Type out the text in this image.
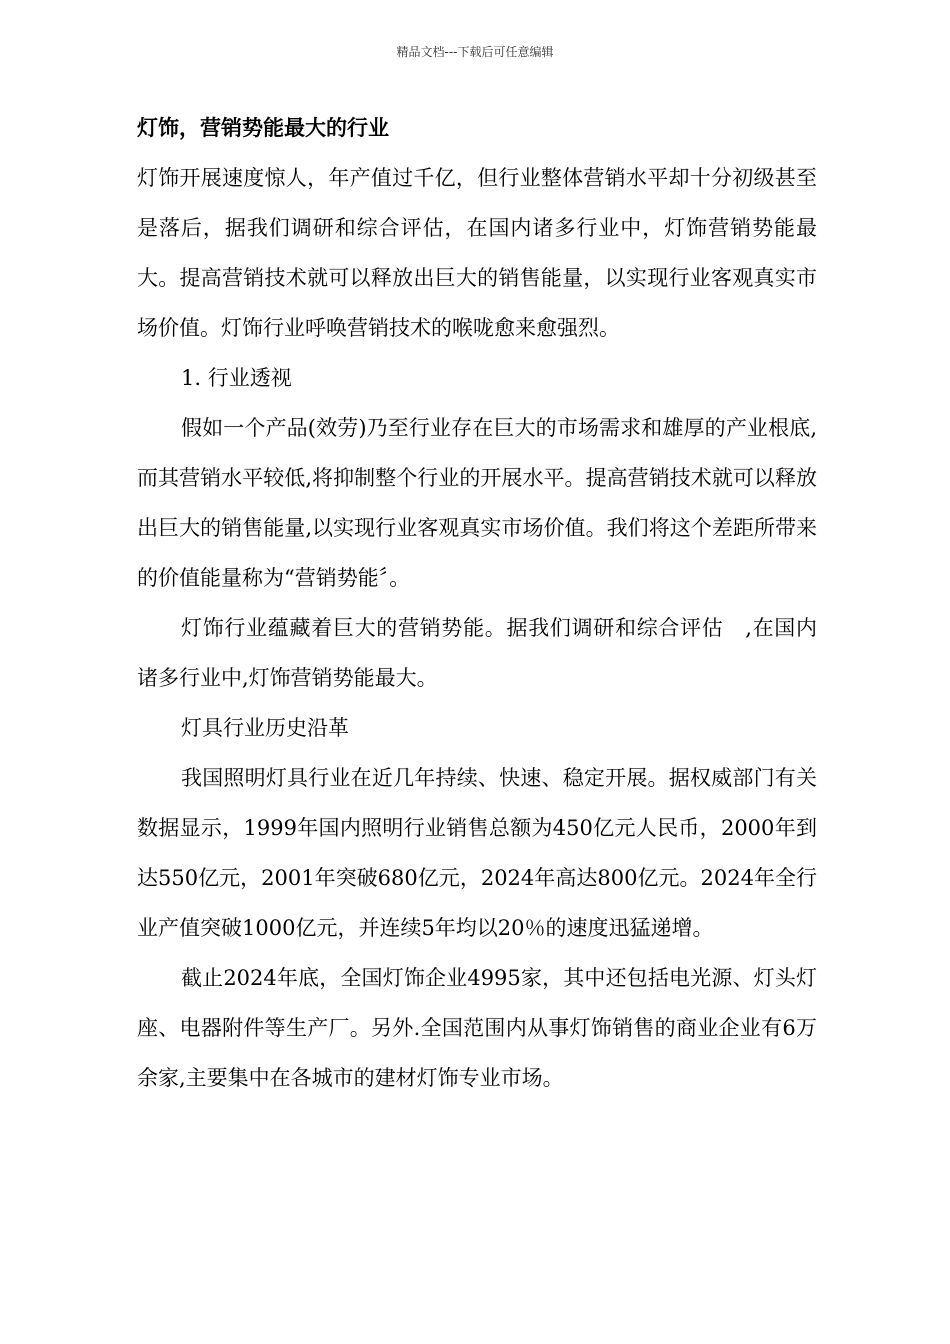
精品文档---下载后可任意编辑
灯饰，营销势能最大的行业

灯饰开展速度惊人，年产值过千亿，但行业整体营销水平却十分初级甚至是落后，据我们调研和综合评估，在国内诸多行业中，灯饰营销势能最大。提高营销技术就可以释放出巨大的销售能量，以实现行业客观真实市场价值。灯饰行业呼唤营销技术的喉咙愈来愈强烈。

1. 行业透视

假如一个产品(效劳)乃至行业存在巨大的市场需求和雄厚的产业根底,而其营销水平较低,将抑制整个行业的开展水平。提高营销技术就可以释放出巨大的销售能量,以实现行业客观真实市场价值。我们将这个差距所带来的价值能量称为“营销势能〞。

灯饰行业蕴藏着巨大的营销势能。据我们调研和综合评估　,在国内诸多行业中,灯饰营销势能最大。

灯具行业历史沿革

我国照明灯具行业在近几年持续、快速、稳定开展。据权威部门有关数据显示，1999年国内照明行业销售总额为450亿元人民币，2000年到达550亿元，2001年突破680亿元，2024年高达800亿元。2024年全行业产值突破1000亿元，并连续5年均以20％的速度迅猛递增。

截止2024年底，全国灯饰企业4995家，其中还包括电光源、灯头灯座、电器附件等生产厂。另外.全国范围内从事灯饰销售的商业企业有6万余家,主要集中在各城市的建材灯饰专业市场。
